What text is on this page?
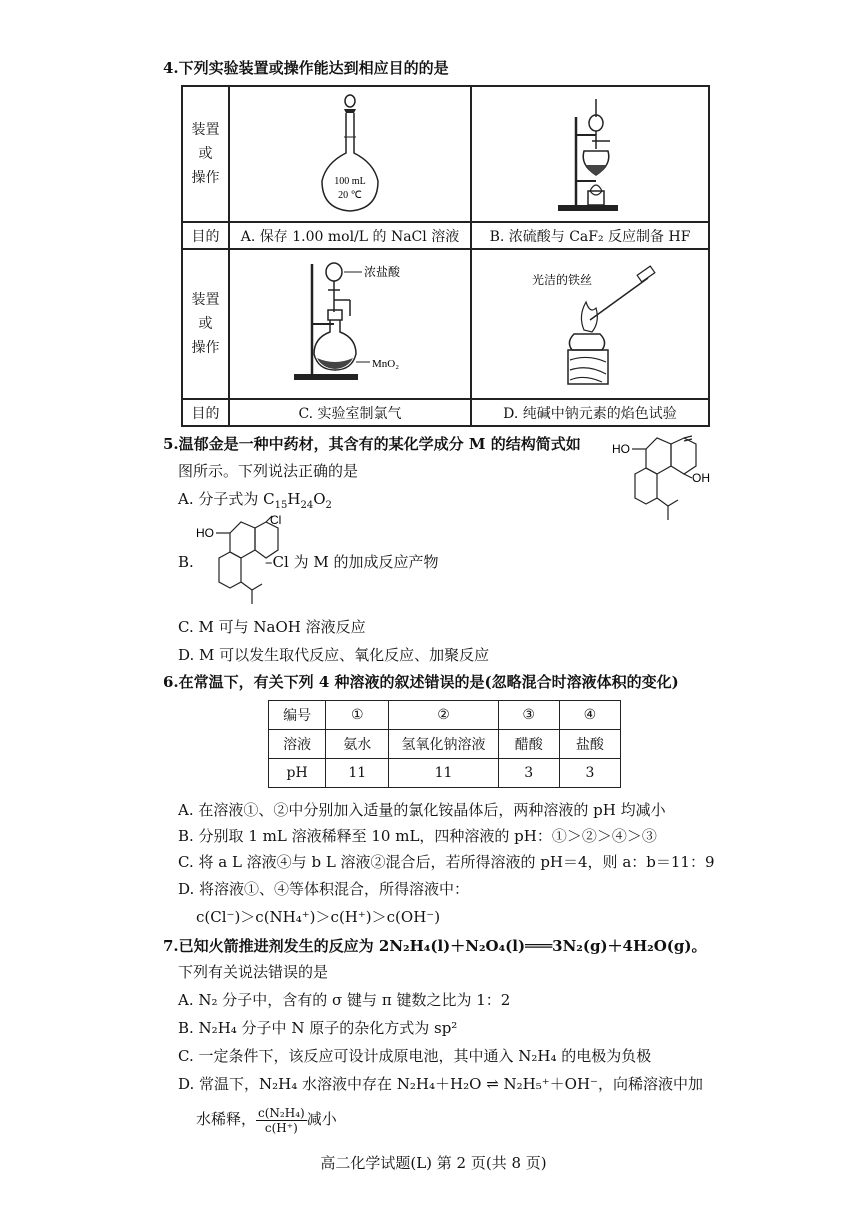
4.下列实验装置或操作能达到相应目的的是
装置
或
操作	100 mL
20 ℃

目的	A. 保存 1.00 mol/L 的 NaCl 溶液	B. 浓硫酸与 CaF₂ 反应制备 HF

装置
或
操作	浓盐酸
MnO₂	光洁的铁丝

目的	C. 实验室制氯气	D. 纯碱中钠元素的焰色试验
5.温郁金是一种中药材，其含有的某化学成分 M 的结构简式如
图所示。下列说法正确的是
HO
OH
A. 分子式为 $C_{15}H_{24}O_2$
B.
HO
Cl
–Cl 为 M 的加成反应产物
C. M 可与 NaOH 溶液反应
D. M 可以发生取代反应、氧化反应、加聚反应
6.在常温下，有关下列 4 种溶液的叙述错误的是(忽略混合时溶液体积的变化)
编号	①	②	③	④
溶液	氨水	氢氧化钠溶液	醋酸	盐酸
pH	11	11	3	3
A. 在溶液①、②中分别加入适量的氯化铵晶体后，两种溶液的 pH 均减小
B. 分别取 1 mL 溶液稀释至 10 mL，四种溶液的 pH：①＞②＞④＞③
C. 将 a L 溶液④与 b L 溶液②混合后，若所得溶液的 pH＝4，则 a：b＝11：9
D. 将溶液①、④等体积混合，所得溶液中：
c(Cl⁻)＞c(NH₄⁺)＞c(H⁺)＞c(OH⁻)
7.已知火箭推进剂发生的反应为 2N₂H₄(l)＋N₂O₄(l)═══3N₂(g)＋4H₂O(g)。
下列有关说法错误的是
A. N₂ 分子中，含有的 σ 键与 π 键数之比为 1：2
B. N₂H₄ 分子中 N 原子的杂化方式为 sp²
C. 一定条件下，该反应可设计成原电池，其中通入 N₂H₄ 的电极为负极
D. 常温下，N₂H₄ 水溶液中存在 N₂H₄＋H₂O ⇌ N₂H₅⁺＋OH⁻，向稀溶液中加
水稀释， $\frac{\text{c(N₂H₄)}}{c(H^+)}$ 减小
高二化学试题(L) 第 2 页(共 8 页)
